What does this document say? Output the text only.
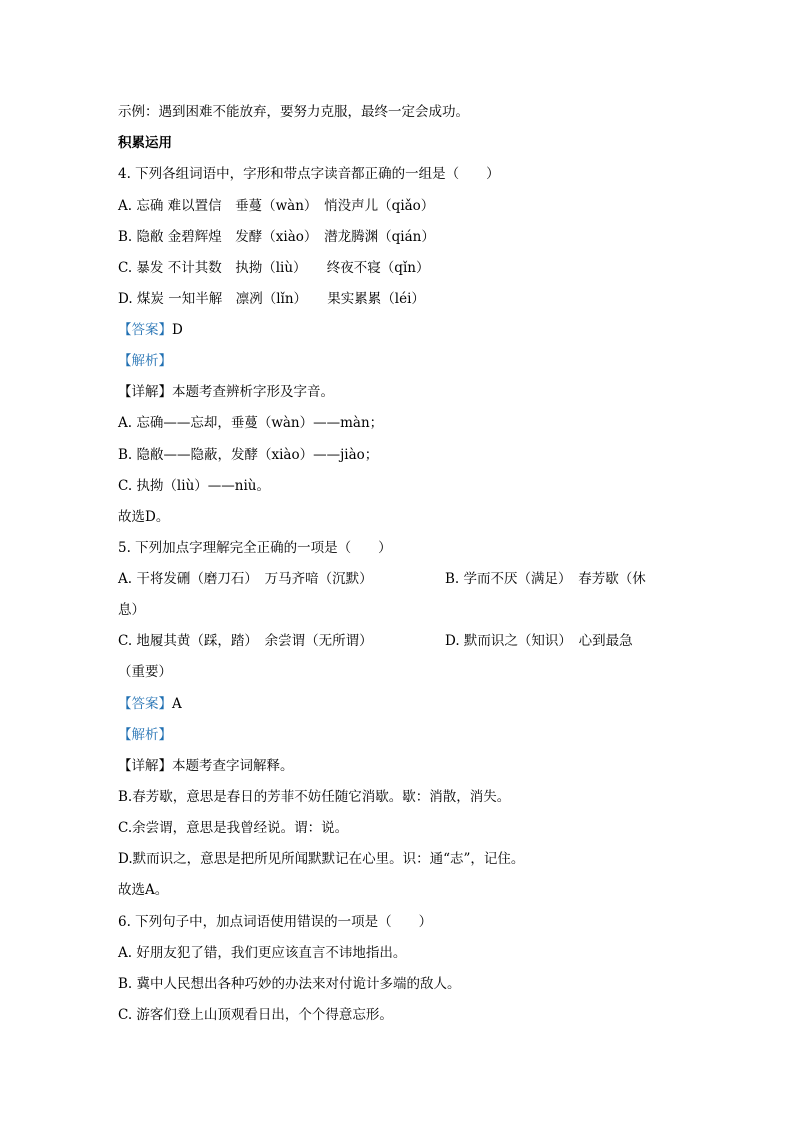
示例：遇到困难不能放弃，要努力克服，最终一定会成功。
积累运用
4. 下列各组词语中，字形和带点字读音都正确的一组是（　　）
A. 忘确 难以置信　垂蔓（wàn）　悄没声儿（qiǎo）
B. 隐敝 金碧辉煌　发酵（xiào）　潜龙腾渊（qián）
C. 暴发 不计其数　执拗（liù）　　终夜不寝（qǐn）
D. 煤炭 一知半解　凛冽（lǐn）　　果实累累（léi）
【答案】D
【解析】
【详解】本题考查辨析字形及字音。
A. 忘确——忘却，垂蔓（wàn）——màn；
B. 隐敝——隐蔽，发酵（xiào）——jiào；
C. 执拗（liù）——niù。
故选D。
5. 下列加点字理解完全正确的一项是（　　）
A. 干将发硎（磨刀石）　万马齐喑（沉默）	B. 学而不厌（满足）　春芳歇（休
息）
C. 地履其黄（踩，踏）　余尝谓（无所谓）	D. 默而识之（知识）　心到最急
（重要）
【答案】A
【解析】
【详解】本题考查字词解释。
B.春芳歇，意思是春日的芳菲不妨任随它消歇。歇：消散，消失。
C.余尝谓，意思是我曾经说。谓：说。
D.默而识之，意思是把所见所闻默默记在心里。识：通“志”，记住。
故选A。
6. 下列句子中，加点词语使用错误的一项是（　　）
A. 好朋友犯了错，我们更应该直言不讳地指出。
B. 冀中人民想出各种巧妙的办法来对付诡计多端的敌人。
C. 游客们登上山顶观看日出，个个得意忘形。
